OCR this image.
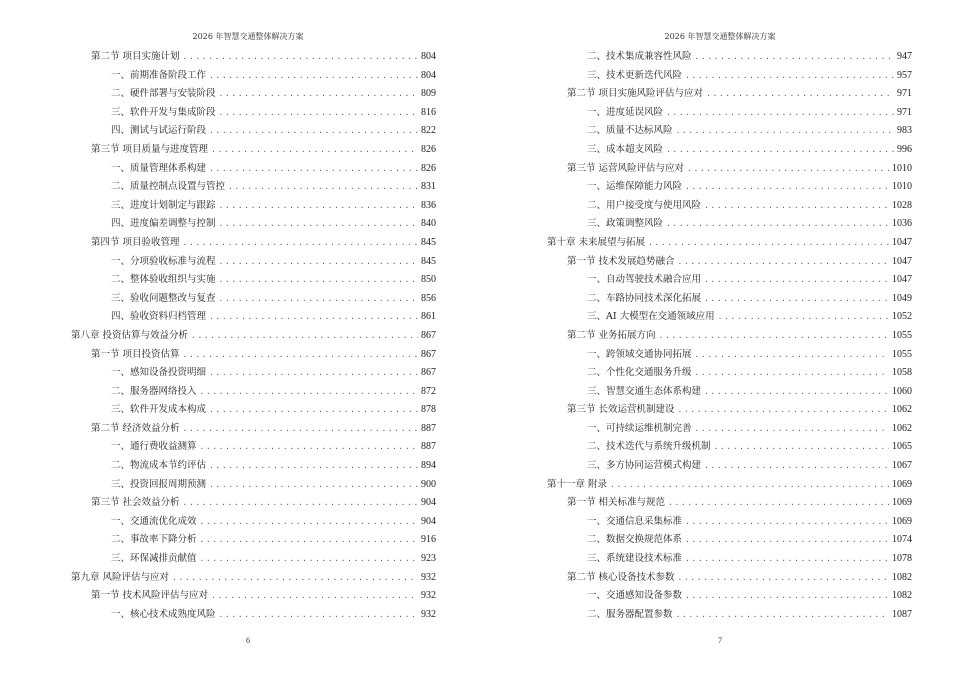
2026 年智慧交通整体解决方案
第二节 项目实施计划 .....	804
一、前期准备阶段工作 .....	804
二、硬件部署与安装阶段 .....	809
三、软件开发与集成阶段 .....	816
四、测试与试运行阶段 .....	822
第三节 项目质量与进度管理 .....	826
一、质量管理体系构建 .....	826
二、质量控制点设置与管控 .....	831
三、进度计划制定与跟踪 .....	836
四、进度偏差调整与控制 .....	840
第四节 项目验收管理 .....	845
一、分项验收标准与流程 .....	845
二、整体验收组织与实施 .....	850
三、验收问题整改与复查 .....	856
四、验收资料归档管理 .....	861
第八章 投资估算与效益分析 .....	867
第一节 项目投资估算 .....	867
一、感知设备投资明细 .....	867
二、服务器网络投入 .....	872
三、软件开发成本构成 .....	878
第二节 经济效益分析 .....	887
一、通行费收益测算 .....	887
二、物流成本节约评估 .....	894
三、投资回报周期预测 .....	900
第三节 社会效益分析 .....	904
一、交通流优化成效 .....	904
二、事故率下降分析 .....	916
三、环保减排贡献值 .....	923
第九章 风险评估与应对 .....	932
第一节 技术风险评估与应对 .....	932
一、核心技术成熟度风险 .....	932
6
2026 年智慧交通整体解决方案
二、技术集成兼容性风险 .....	947
三、技术更新迭代风险 .....	957
第二节 项目实施风险评估与应对 .....	971
一、进度延误风险 .....	971
二、质量不达标风险 .....	983
三、成本超支风险 .....	996
第三节 运营风险评估与应对 .....	1010
一、运维保障能力风险 .....	1010
二、用户接受度与使用风险 .....	1028
三、政策调整风险 .....	1036
第十章 未来展望与拓展 .....	1047
第一节 技术发展趋势融合 .....	1047
一、自动驾驶技术融合应用 .....	1047
二、车路协同技术深化拓展 .....	1049
三、AI 大模型在交通领域应用 .....	1052
第二节 业务拓展方向 .....	1055
一、跨领域交通协同拓展 .....	1055
二、个性化交通服务升级 .....	1058
三、智慧交通生态体系构建 .....	1060
第三节 长效运营机制建设 .....	1062
一、可持续运维机制完善 .....	1062
二、技术迭代与系统升级机制 .....	1065
三、多方协同运营模式构建 .....	1067
第十一章 附录 .....	1069
第一节 相关标准与规范 .....	1069
一、交通信息采集标准 .....	1069
二、数据交换规范体系 .....	1074
三、系统建设技术标准 .....	1078
第二节 核心设备技术参数 .....	1082
一、交通感知设备参数 .....	1082
二、服务器配置参数 .....	1087
7
